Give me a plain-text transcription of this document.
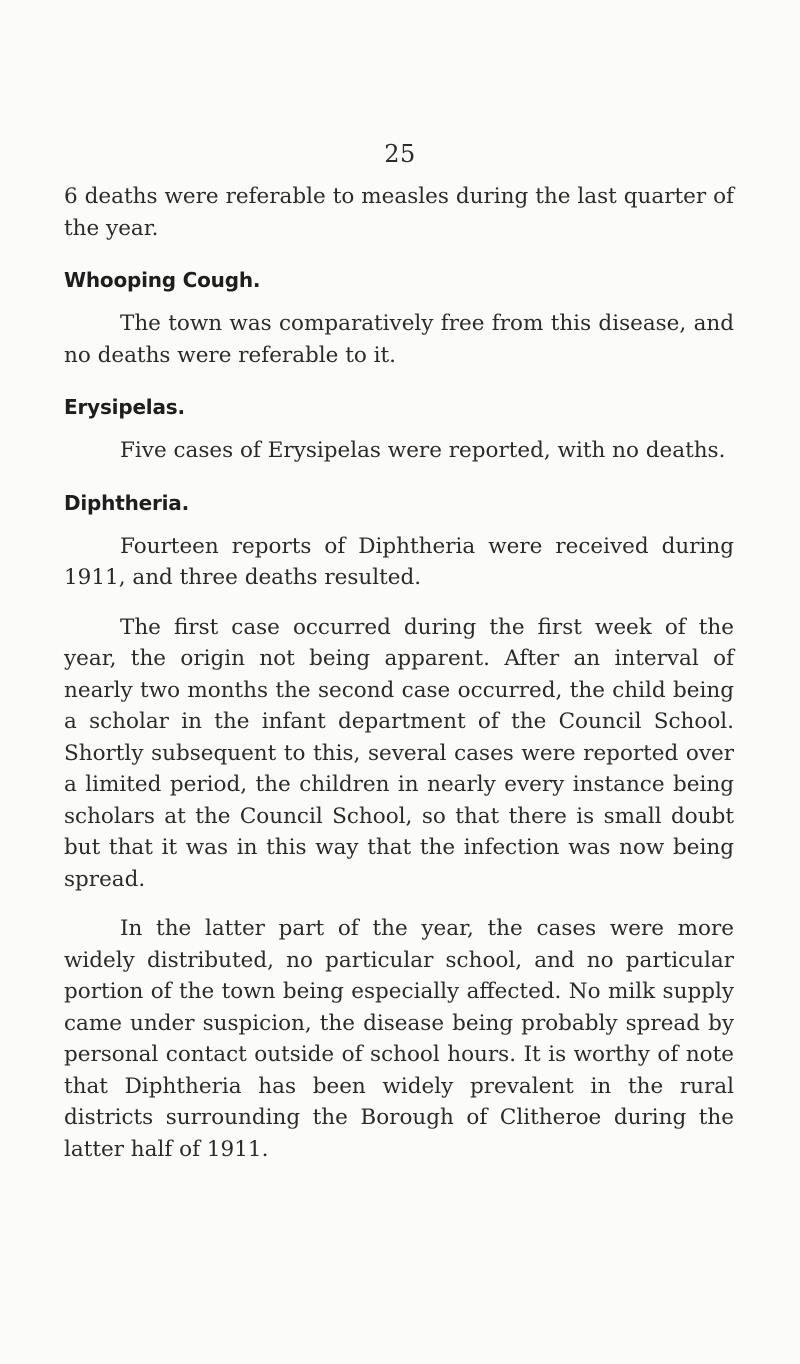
25

6 deaths were referable to measles during the last quarter of the year.

Whooping Cough.

The town was comparatively free from this disease, and no deaths were referable to it.

Erysipelas.

Five cases of Erysipelas were reported, with no deaths.

Diphtheria.

Fourteen reports of Diphtheria were received during 1911, and three deaths resulted.

The first case occurred during the first week of the year, the origin not being apparent. After an interval of nearly two months the second case occurred, the child being a scholar in the infant department of the Council School. Shortly subsequent to this, several cases were reported over a limited period, the children in nearly every instance being scholars at the Council School, so that there is small doubt but that it was in this way that the infection was now being spread.

In the latter part of the year, the cases were more widely distributed, no particular school, and no particular portion of the town being especially affected. No milk supply came under suspicion, the disease being probably spread by personal contact outside of school hours. It is worthy of note that Diphtheria has been widely prevalent in the rural districts surrounding the Borough of Clitheroe during the latter half of 1911.
